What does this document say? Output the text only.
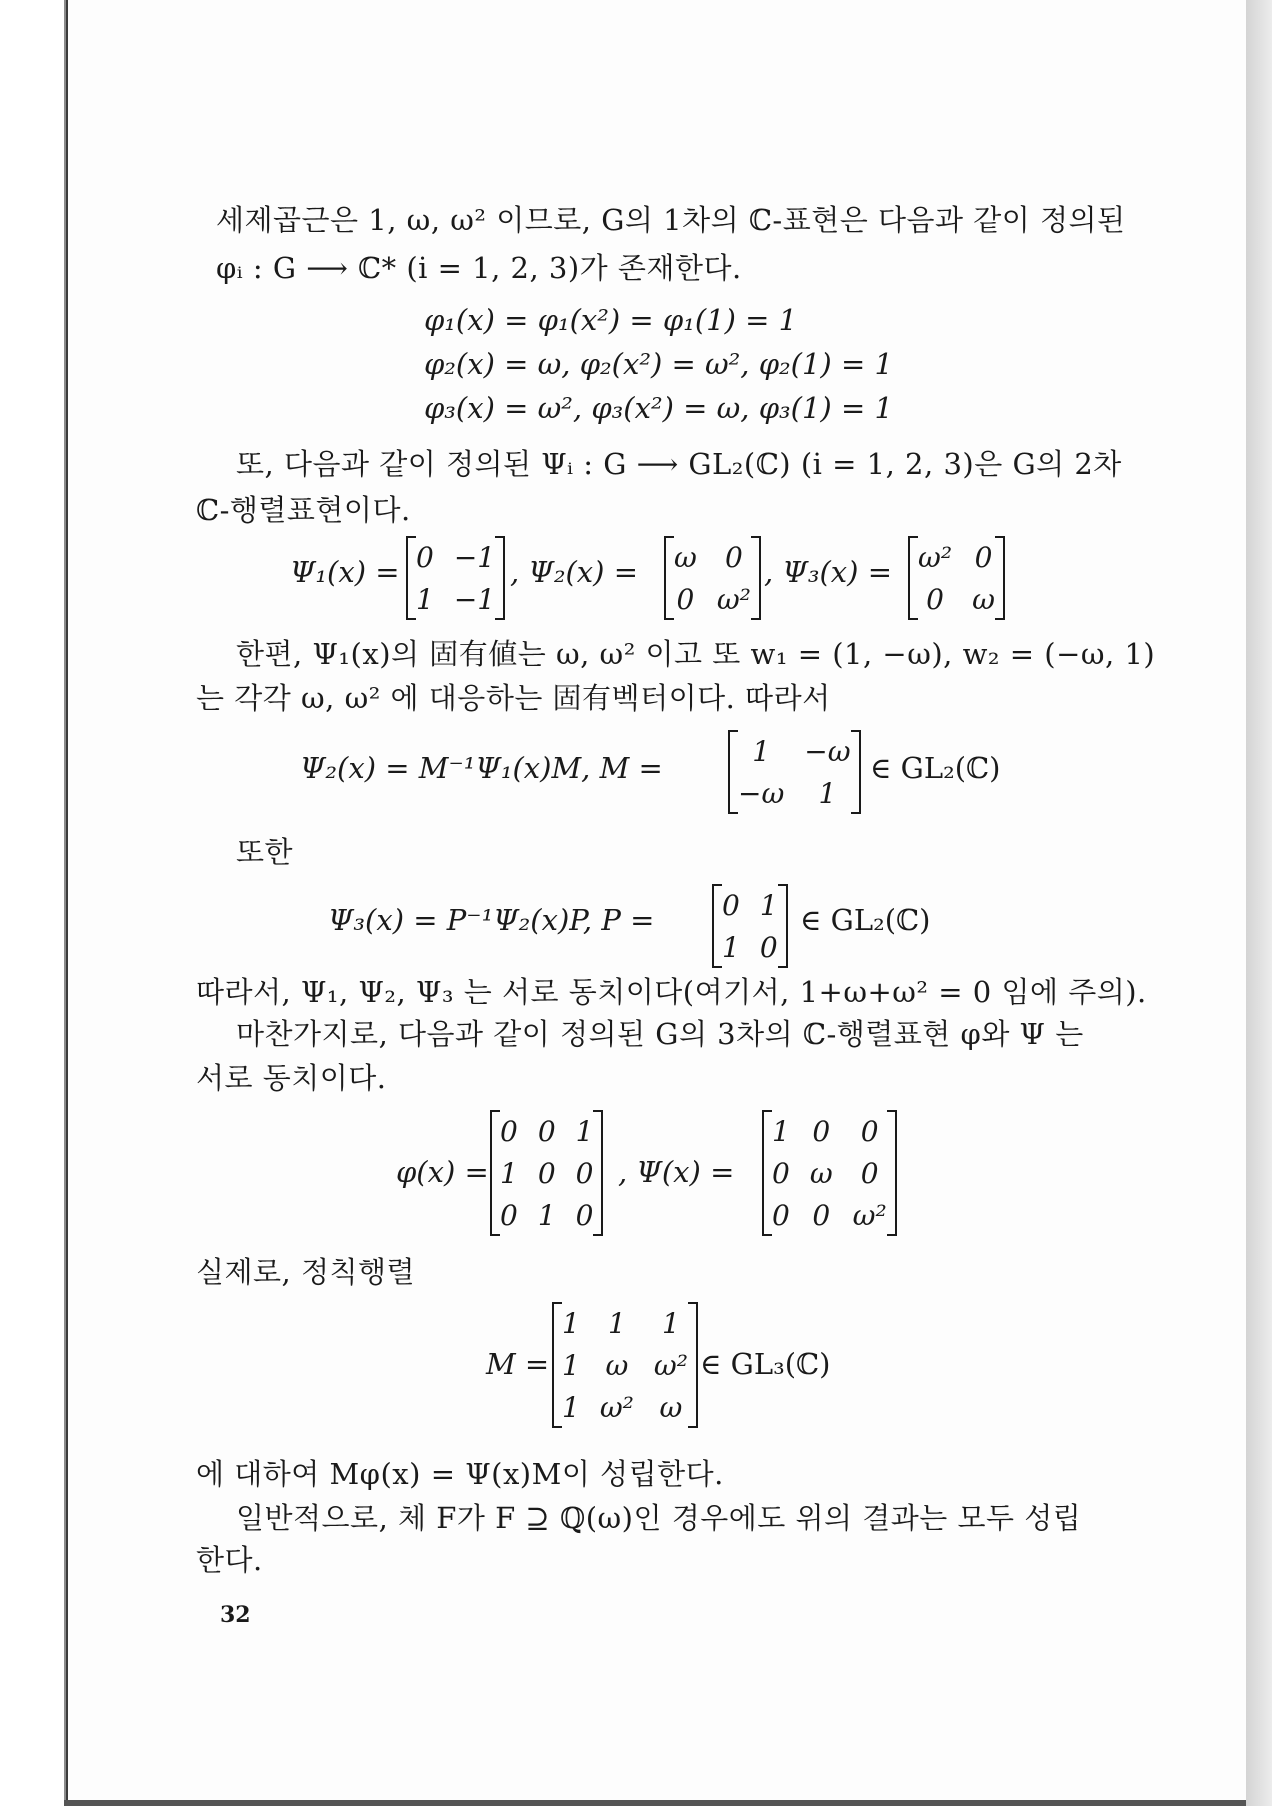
세제곱근은 1, ω, ω² 이므로, G의 1차의 ℂ-표현은 다음과 같이 정의된
φᵢ : G ⟶ ℂ* (i = 1, 2, 3)가 존재한다.
φ₁(x) = φ₁(x²) = φ₁(1) = 1
φ₂(x) = ω, φ₂(x²) = ω², φ₂(1) = 1
φ₃(x) = ω², φ₃(x²) = ω, φ₃(1) = 1
또, 다음과 같이 정의된 Ψᵢ : G ⟶ GL₂(ℂ) (i = 1, 2, 3)은 G의 2차
ℂ-행렬표현이다.
Ψ₁(x) = 0	−1
1	−1
, Ψ₂(x) = ω	0
0	ω²
, Ψ₃(x) = ω²	0
0	ω
한편, Ψ₁(x)의 固有値는 ω, ω² 이고 또 w₁ = (1, −ω), w₂ = (−ω, 1)
는 각각 ω, ω² 에 대응하는 固有벡터이다. 따라서
Ψ₂(x) = M⁻¹Ψ₁(x)M, M =	1	−ω
−ω	1
∈ GL₂(ℂ)
또한
Ψ₃(x) = P⁻¹Ψ₂(x)P, P = 0	1
1	0
∈ GL₂(ℂ)
따라서, Ψ₁, Ψ₂, Ψ₃ 는 서로 동치이다(여기서, 1+ω+ω² = 0 임에 주의).
마찬가지로, 다음과 같이 정의된 G의 3차의 ℂ-행렬표현 φ와 Ψ 는
서로 동치이다.
φ(x) =
0	0	1
1	0	0
0	1	0
, Ψ(x) =
1	0	0
0	ω	0
0	0	ω²
실제로, 정칙행렬
M =
1	1	1
1	ω	ω²
1	ω²	ω
∈ GL₃(ℂ)
에 대하여 Mφ(x) = Ψ(x)M이 성립한다.
일반적으로, 체 F가 F ⊇ ℚ(ω)인 경우에도 위의 결과는 모두 성립
한다.
32
